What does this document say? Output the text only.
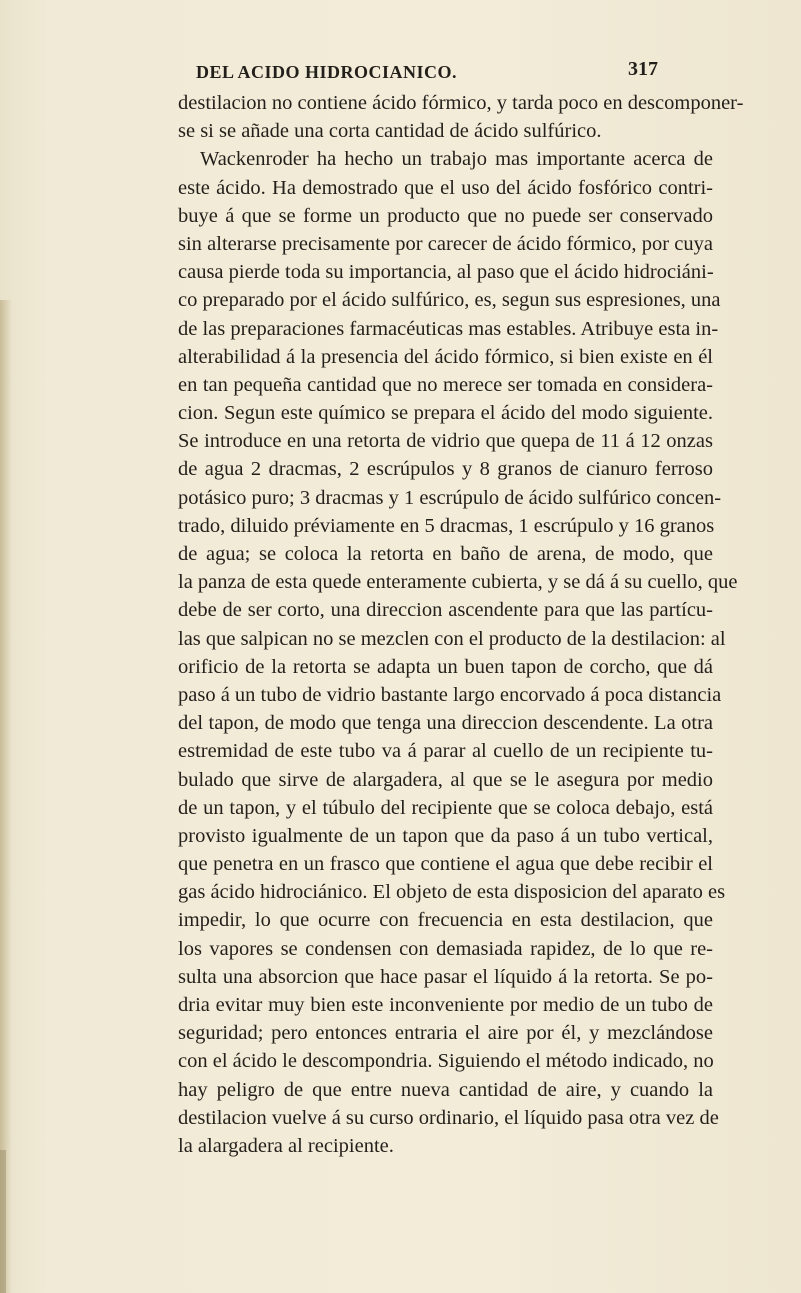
DEL ACIDO HIDROCIANICO.	317
destilacion no contiene ácido fórmico, y tarda poco en descomponer-
se si se añade una corta cantidad de ácido sulfúrico.
Wackenroder ha hecho un trabajo mas importante acerca de
este ácido. Ha demostrado que el uso del ácido fosfórico contri-
buye á que se forme un producto que no puede ser conservado
sin alterarse precisamente por carecer de ácido fórmico, por cuya
causa pierde toda su importancia, al paso que el ácido hidrociáni-
co preparado por el ácido sulfúrico, es, segun sus espresiones, una
de las preparaciones farmacéuticas mas estables. Atribuye esta in-
alterabilidad á la presencia del ácido fórmico, si bien existe en él
en tan pequeña cantidad que no merece ser tomada en considera-
cion. Segun este químico se prepara el ácido del modo siguiente.
Se introduce en una retorta de vidrio que quepa de 11 á 12 onzas
de agua 2 dracmas, 2 escrúpulos y 8 granos de cianuro ferroso
potásico puro; 3 dracmas y 1 escrúpulo de ácido sulfúrico concen-
trado, diluido préviamente en 5 dracmas, 1 escrúpulo y 16 granos
de agua; se coloca la retorta en baño de arena, de modo, que
la panza de esta quede enteramente cubierta, y se dá á su cuello, que
debe de ser corto, una direccion ascendente para que las partícu-
las que salpican no se mezclen con el producto de la destilacion: al
orificio de la retorta se adapta un buen tapon de corcho, que dá
paso á un tubo de vidrio bastante largo encorvado á poca distancia
del tapon, de modo que tenga una direccion descendente. La otra
estremidad de este tubo va á parar al cuello de un recipiente tu-
bulado que sirve de alargadera, al que se le asegura por medio
de un tapon, y el túbulo del recipiente que se coloca debajo, está
provisto igualmente de un tapon que da paso á un tubo vertical,
que penetra en un frasco que contiene el agua que debe recibir el
gas ácido hidrociánico. El objeto de esta disposicion del aparato es
impedir, lo que ocurre con frecuencia en esta destilacion, que
los vapores se condensen con demasiada rapidez, de lo que re-
sulta una absorcion que hace pasar el líquido á la retorta. Se po-
dria evitar muy bien este inconveniente por medio de un tubo de
seguridad; pero entonces entraria el aire por él, y mezclándose
con el ácido le descompondria. Siguiendo el método indicado, no
hay peligro de que entre nueva cantidad de aire, y cuando la
destilacion vuelve á su curso ordinario, el líquido pasa otra vez de
la alargadera al recipiente.
